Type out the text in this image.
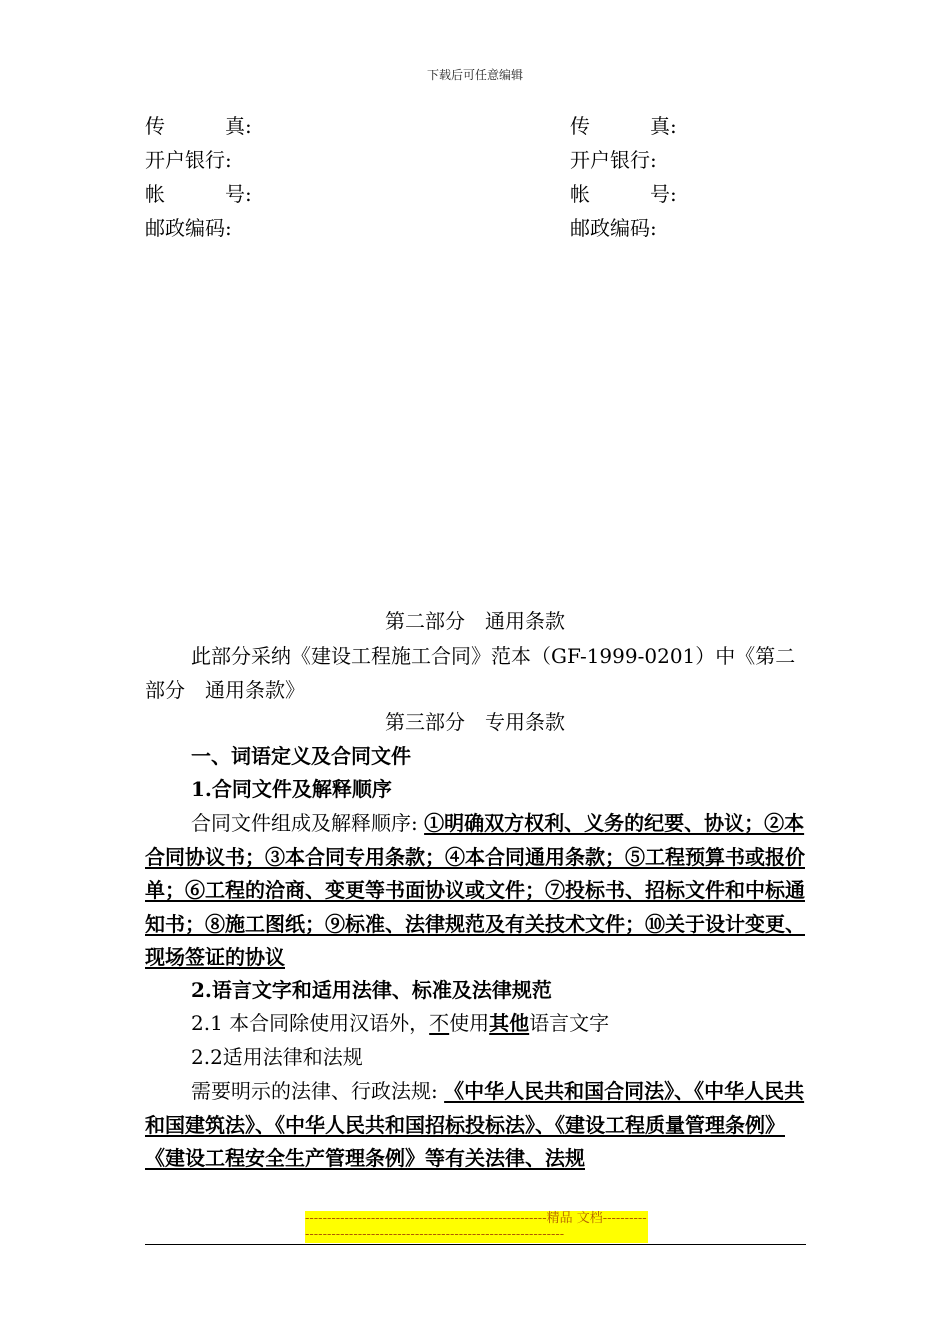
下载后可任意编辑
传　　　真:
开户银行:
帐　　　号:
邮政编码:
传　　　真:
开户银行:
帐　　　号:
邮政编码:
第二部分　通用条款
此部分采纳《建设工程施工合同》范本（GF-1999-0201）中《第二部分　通用条款》
第三部分　专用条款
一、词语定义及合同文件
1.合同文件及解释顺序
合同文件组成及解释顺序: ①明确双方权利、义务的纪要、协议；②本合同协议书；③本合同专用条款；④本合同通用条款；⑤工程预算书或报价单；⑥工程的洽商、变更等书面协议或文件；⑦投标书、招标文件和中标通知书；⑧施工图纸；⑨标准、法律规范及有关技术文件；⑩关于设计变更、现场签证的协议
2.语言文字和适用法律、标准及法律规范
2.1 本合同除使用汉语外，不使用其他语言文字
2.2适用法律和法规
需要明示的法律、行政法规: 《中华人民共和国合同法》、《中华人民共和国建筑法》、《中华人民共和国招标投标法》、《建设工程质量管理条例》《建设工程安全生产管理条例》等有关法律、法规
-------------------------------------------------------精品 文档---------------------------------------------------------------------
